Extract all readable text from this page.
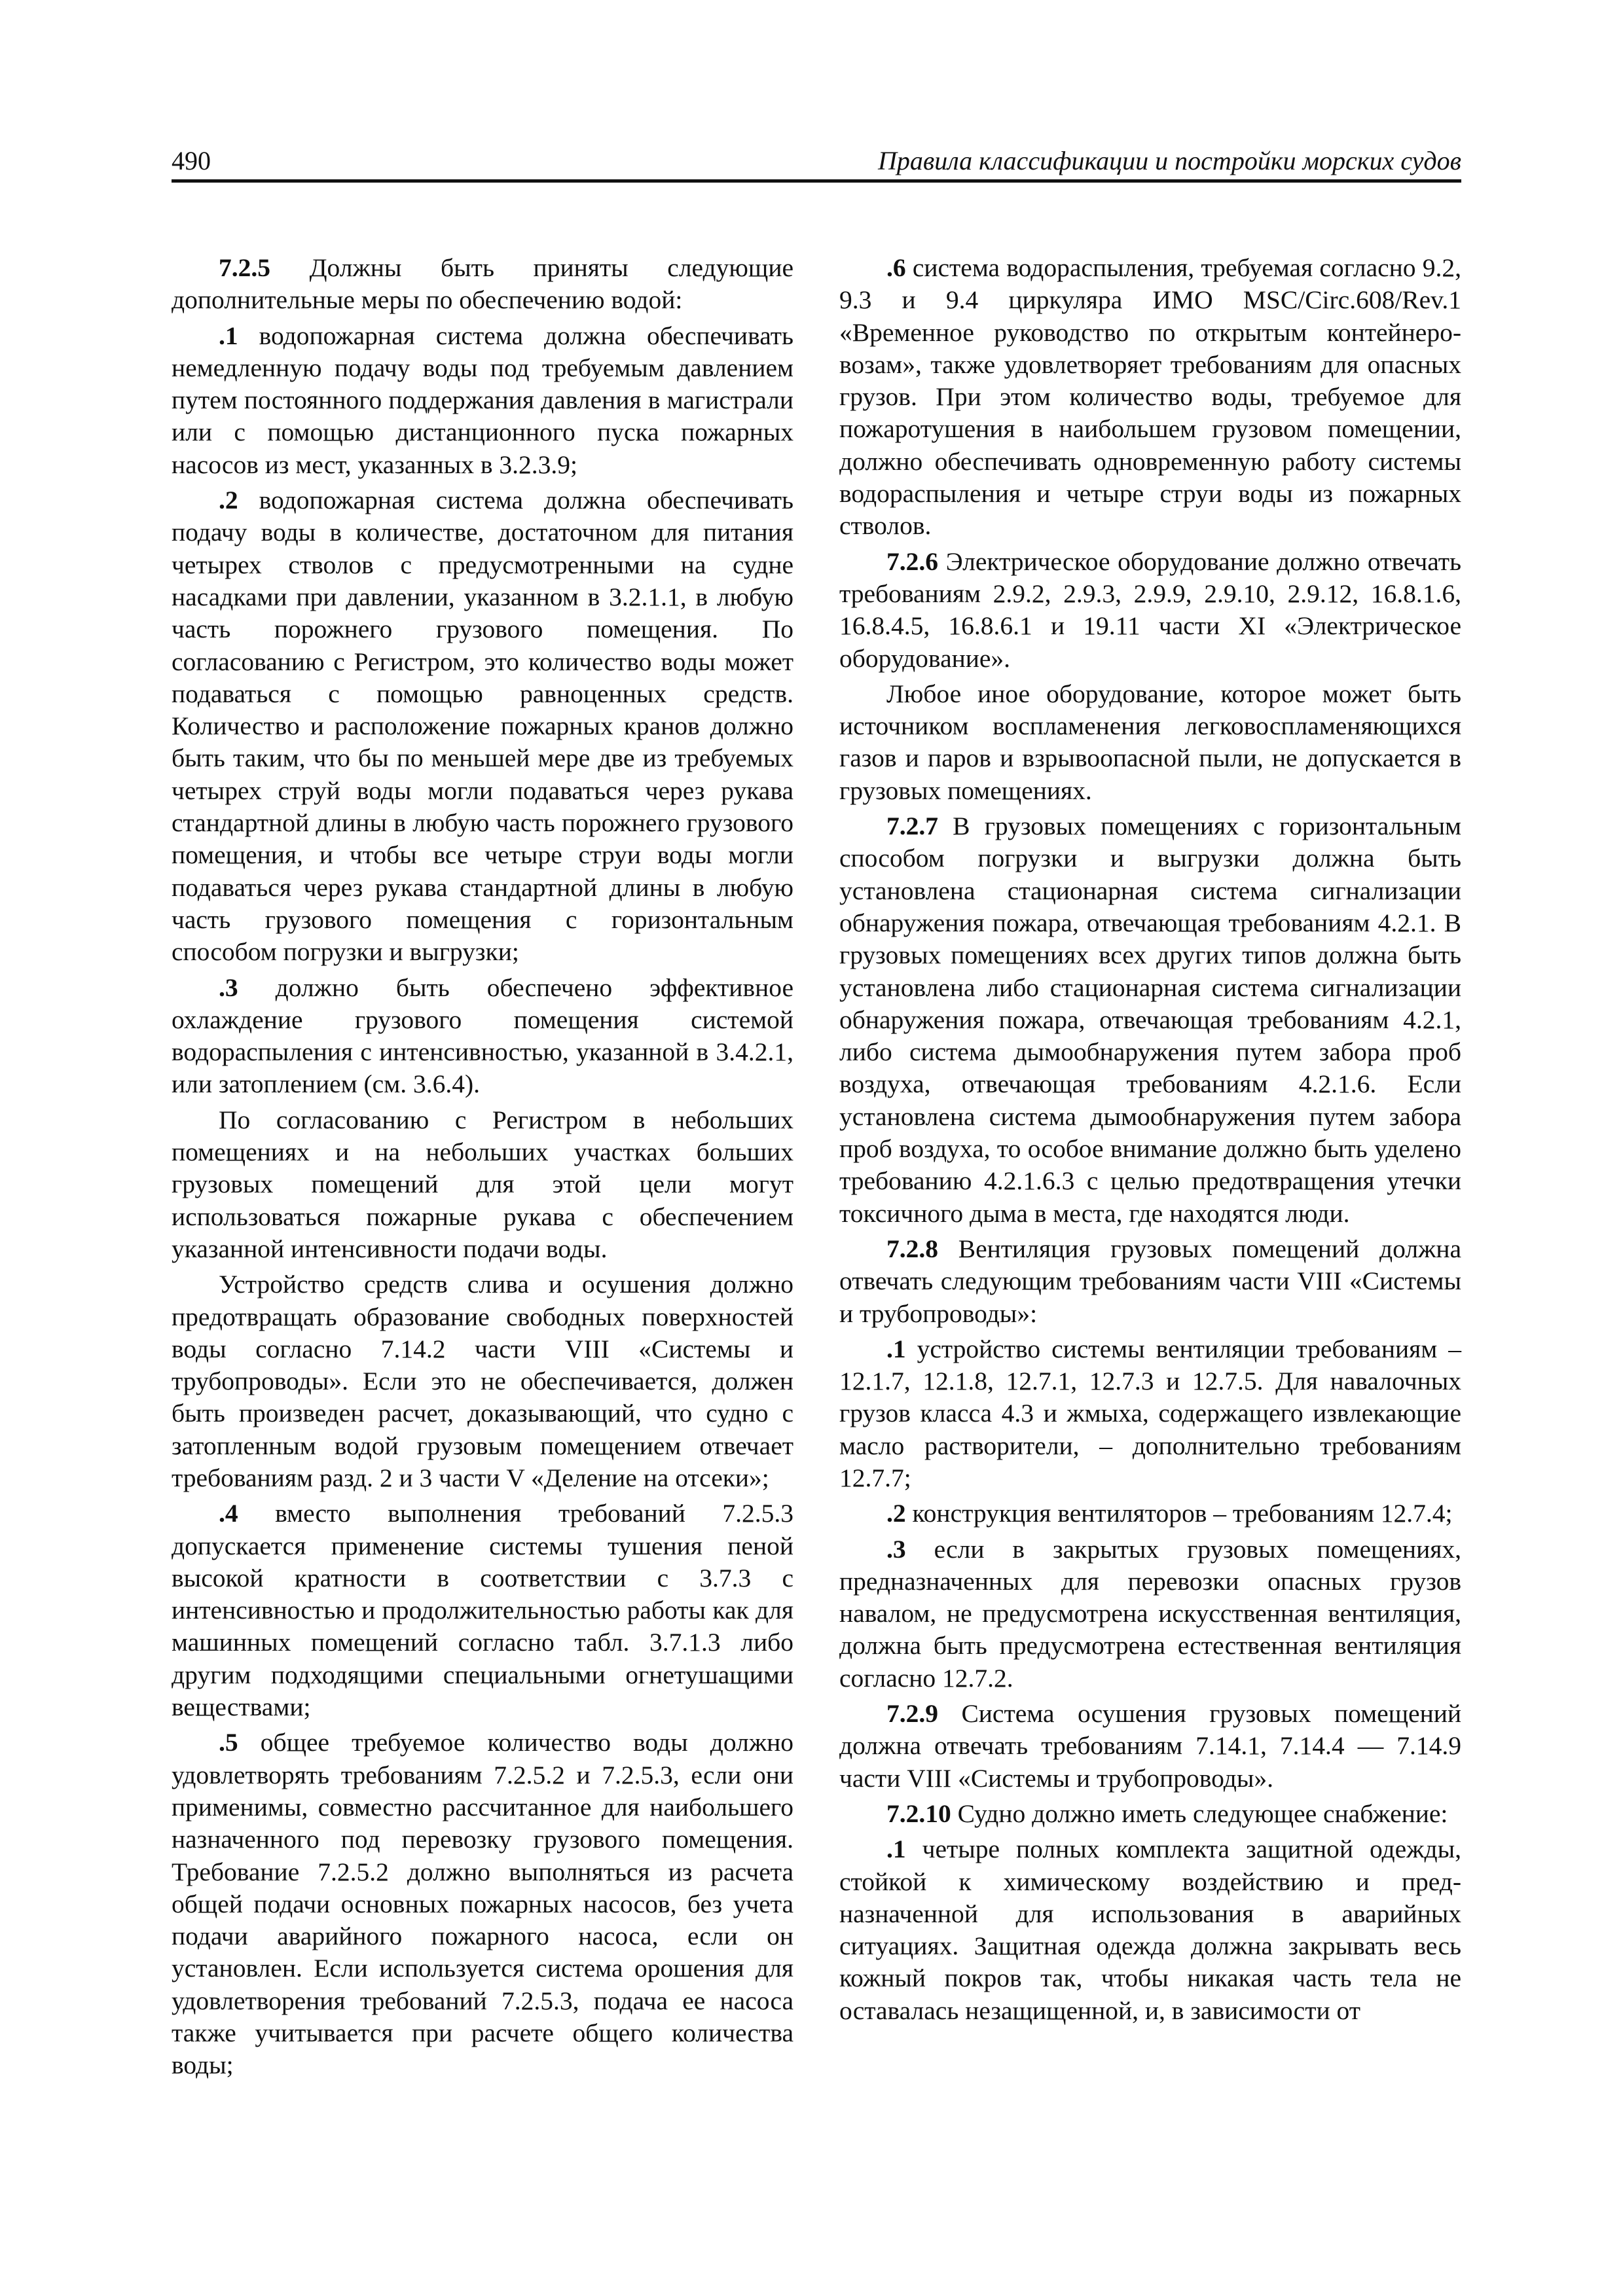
490	Правила классификации и постройки морских судов

7.2.5 Должны быть приняты следующие дополнительные меры по обеспечению водой:

.1 водопожарная система должна обеспечивать немедленную подачу воды под требуемым давлением путем постоянного поддержания давления в магистрали или с помощью дистанционного пуска пожарных насосов из мест, указанных в 3.2.3.9;

.2 водопожарная система должна обеспечивать подачу воды в количестве, достаточном для питания четырех стволов с предусмотренными на судне насадками при давлении, указанном в 3.2.1.1, в любую часть порожнего грузового помещения. По согласованию с Регистром, это количество воды может подаваться с помощью равноценных средств. Количество и расположение пожарных кранов должно быть таким, что бы по меньшей мере две из требуемых четырех струй воды могли подаваться через рукава стандартной длины в любую часть порожнего грузового помещения, и чтобы все четыре струи воды могли подаваться через рукава стандартной длины в любую часть грузового помещения с горизонтальным способом погрузки и выгрузки;

.3 должно быть обеспечено эффективное охлаждение грузового помещения системой водораспыления с интенсивностью, указанной в 3.4.2.1, или затоплением (см. 3.6.4).

По согласованию с Регистром в небольших помещениях и на небольших участках больших грузовых помещений для этой цели могут использоваться пожарные рукава с обеспечением указанной интенсивности подачи воды.

Устройство средств слива и осушения должно предотвращать образование свободных поверхностей воды согласно 7.14.2 части VIII «Системы и трубопроводы». Если это не обеспечивается, должен быть произведен расчет, доказывающий, что судно с затопленным водой грузовым помещением отвечает требованиям разд. 2 и 3 части V «Деление на отсеки»;

.4 вместо выполнения требований 7.2.5.3 допускается применение системы тушения пеной высокой кратности в соответствии с 3.7.3 с интенсивностью и продолжительностью работы как для машинных помещений согласно табл. 3.7.1.3 либо другим подходящими специальными огнетушащими веществами;

.5 общее требуемое количество воды должно удовлетворять требованиям 7.2.5.2 и 7.2.5.3, если они применимы, совместно рассчитанное для наибольшего назначенного под перевозку грузового помещения. Требование 7.2.5.2 должно выполняться из расчета общей подачи основных пожарных насосов, без учета подачи аварийного пожарного насоса, если он установлен. Если используется система орошения для удовлетворения требований 7.2.5.3, подача ее насоса также учитывается при расчете общего количества воды;

.6 система водораспыления, требуемая согласно 9.2, 9.3 и 9.4 циркуляра ИМО MSC/Circ.608/Rev.1 «Временное руководство по открытым контейнеровозам», также удовлетворяет требованиям для опасных грузов. При этом количество воды, требуемое для пожаротушения в наибольшем грузовом помещении, должно обеспечивать одновременную работу системы водораспыления и четыре струи воды из пожарных стволов.

7.2.6 Электрическое оборудование должно отвечать требованиям 2.9.2, 2.9.3, 2.9.9, 2.9.10, 2.9.12, 16.8.1.6, 16.8.4.5, 16.8.6.1 и 19.11 части XI «Электрическое оборудование».

Любое иное оборудование, которое может быть источником воспламенения легковоспламеняющихся газов и паров и взрывоопасной пыли, не допускается в грузовых помещениях.

7.2.7 В грузовых помещениях с горизонтальным способом погрузки и выгрузки должна быть установлена стационарная система сигнализации обнаружения пожара, отвечающая требованиям 4.2.1. В грузовых помещениях всех других типов должна быть установлена либо стационарная система сигнализации обнаружения пожара, отвечающая требованиям 4.2.1, либо система дымообнаружения путем забора проб воздуха, отвечающая требованиям 4.2.1.6. Если установлена система дымообнаружения путем забора проб воздуха, то особое внимание должно быть уделено требованию 4.2.1.6.3 с целью предотвращения утечки токсичного дыма в места, где находятся люди.

7.2.8 Вентиляция грузовых помещений должна отвечать следующим требованиям части VIII «Системы и трубопроводы»:

.1 устройство системы вентиляции требованиям – 12.1.7, 12.1.8, 12.7.1, 12.7.3 и 12.7.5. Для навалочных грузов класса 4.3 и жмыха, содержащего извлекающие масло растворители, – дополнительно требованиям 12.7.7;

.2 конструкция вентиляторов – требованиям 12.7.4;

.3 если в закрытых грузовых помещениях, предназначенных для перевозки опасных грузов навалом, не предусмотрена искусственная вентиляция, должна быть предусмотрена естественная вентиляция согласно 12.7.2.

7.2.9 Система осушения грузовых помещений должна отвечать требованиям 7.14.1, 7.14.4 — 7.14.9 части VIII «Системы и трубопроводы».

7.2.10 Судно должно иметь следующее снабжение:

.1 четыре полных комплекта защитной одежды, стойкой к химическому воздействию и предназначенной для использования в аварийных ситуациях. Защитная одежда должна закрывать весь кожный покров так, чтобы никакая часть тела не оставалась незащищенной, и, в зависимости от
